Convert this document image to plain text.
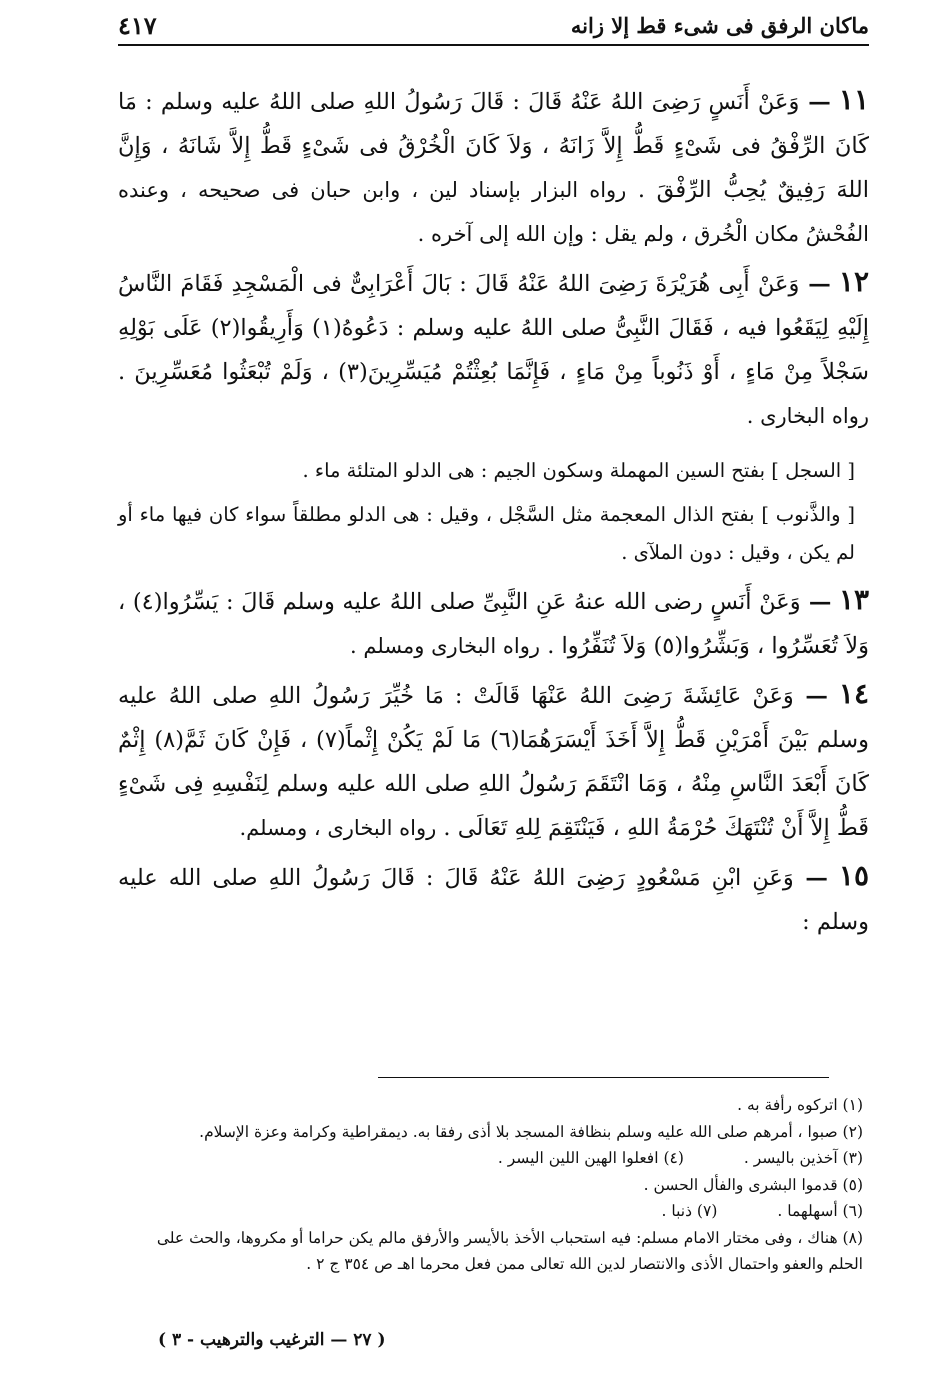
ماكان الرفق فى شىء قط إلا زانه
٤١٧

١١ — وَعَنْ أَنَسٍ رَضِىَ اللهُ عَنْهُ قَالَ : قَالَ رَسُولُ اللهِ صلى اللهُ عليه وسلم : مَا كَانَ الرِّفْقُ فى شَىْءٍ قَطُّ إِلاَّ زَانَهُ ، وَلاَ كَانَ الْخُرْقُ فى شَىْءٍ قَطُّ إِلاَّ شَانَهُ ، وَإِنَّ اللهَ رَفِيقٌ يُحِبُّ الرِّفْقَ . رواه البزار بإسناد لين ، وابن حبان فى صحيحه ، وعنده الفُحْشُ مكان الْخُرق ، ولم يقل : وإن الله إلى آخره .

١٢ — وَعَنْ أَبِى هُرَيْرَةَ رَضِىَ اللهُ عَنْهُ قَالَ : بَالَ أَعْرَابِىٌّ فى الْمَسْجِدِ فَقَامَ النَّاسُ إِلَيْهِ لِيَقَعُوا فيه ، فَقَالَ النَّبِىُّ صلى اللهُ عليه وسلم : دَعُوهُ(١) وَأَرِيقُوا(٢) عَلَى بَوْلِهِ سَجْلاً مِنْ مَاءٍ ، أَوْ ذَنُوباً مِنْ مَاءٍ ، فَإِنَّمَا بُعِثْتُمْ مُيَسِّرِينَ(٣) ، وَلَمْ تُبْعَثُوا مُعَسِّرِينَ . رواه البخارى .

[ السجل ] بفتح السين المهملة وسكون الجيم : هى الدلو المتلئة ماء .

[ والذَّنوب ] بفتح الذال المعجمة مثل السَّجْل ، وقيل : هى الدلو مطلقاً سواء كان فيها ماء أو لم يكن ، وقيل : دون الملآى .

١٣ — وَعَنْ أَنَسٍ رضى الله عنهُ عَنِ النَّبِىِّ صلى اللهُ عليه وسلم قَالَ : يَسِّرُوا(٤) ، وَلاَ تُعَسِّرُوا ، وَبَشِّرُوا(٥) وَلاَ تُنَفِّرُوا . رواه البخارى ومسلم .

١٤ — وَعَنْ عَائِشَةَ رَضِىَ اللهُ عَنْهَا قَالَتْ : مَا خُيِّرَ رَسُولُ اللهِ صلى اللهُ عليه وسلم بَيْنَ أَمْرَيْنِ قَطُّ إِلاَّ أَخَذَ أَيْسَرَهُمَا(٦) مَا لَمْ يَكُنْ إِثْماً(٧) ، فَإِنْ كَانَ ثَمَّ(٨) إِثْمٌ كَانَ أَبْعَدَ النَّاسِ مِنْهُ ، وَمَا انْتَقَمَ رَسُولُ اللهِ صلى الله عليه وسلم لِنَفْسِهِ فِى شَىْءٍ قَطُّ إِلاَّ أَنْ تُنْتَهَكَ حُرْمَةُ اللهِ ، فَيَنْتَقِمَ لِلهِ تَعَالَى . رواه البخارى ، ومسلم.

١٥ — وَعَنِ ابْنِ مَسْعُودٍ رَضِىَ اللهُ عَنْهُ قَالَ : قَالَ رَسُولُ اللهِ صلى الله عليه وسلم :

(١) اتركوه رأفة به .
(٢) صبوا ، أمرهم صلى الله عليه وسلم بنظافة المسجد بلا أذى رفقا به. ديمقراطية وكرامة وعزة الإسلام.
(٣) آخذين باليسر .
(٤) افعلوا الهين اللين اليسر .
(٥) قدموا البشرى والفأل الحسن .
(٦) أسهلهما .
(٧) ذنبا .
(٨) هناك ، وفى مختار الامام مسلم: فيه استحباب الأخذ بالأيسر والأرفق مالم يكن حراما أو مكروها، والحث على الحلم والعفو واحتمال الأذى والانتصار لدين الله تعالى ممن فعل محرما اهـ ص ٣٥٤ ج ٢ .
( ٢٧ — الترغيب والترهيب - ٣ )
